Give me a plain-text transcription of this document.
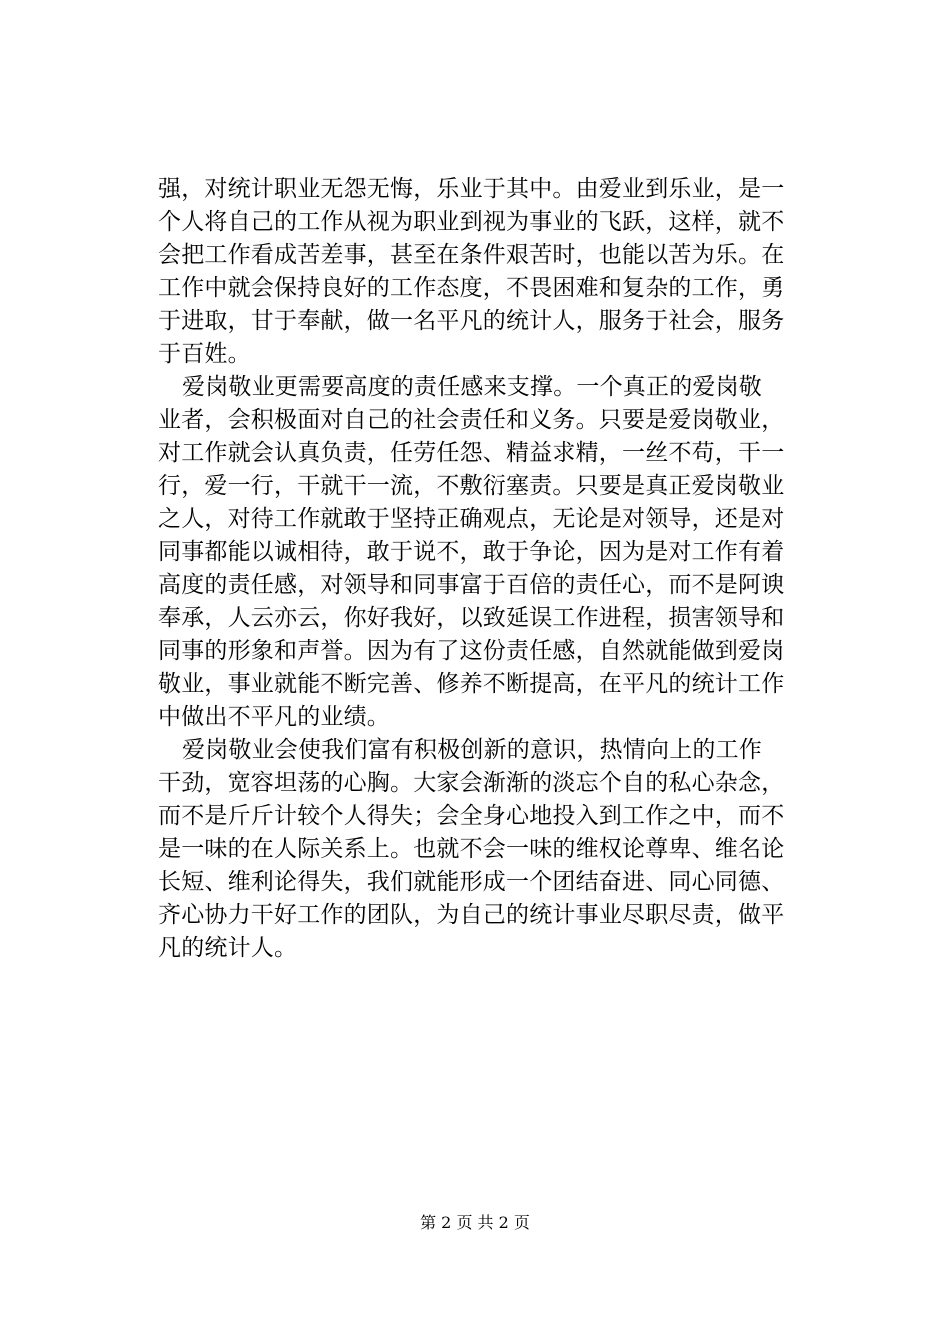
强，对统计职业无怨无悔，乐业于其中。由爱业到乐业，是一
个人将自己的工作从视为职业到视为事业的飞跃，这样，就不
会把工作看成苦差事，甚至在条件艰苦时，也能以苦为乐。在
工作中就会保持良好的工作态度，不畏困难和复杂的工作，勇
于进取，甘于奉献，做一名平凡的统计人，服务于社会，服务
于百姓。
爱岗敬业更需要高度的责任感来支撑。一个真正的爱岗敬
业者，会积极面对自己的社会责任和义务。只要是爱岗敬业，
对工作就会认真负责，任劳任怨、精益求精，一丝不苟，干一
行，爱一行，干就干一流，不敷衍塞责。只要是真正爱岗敬业
之人，对待工作就敢于坚持正确观点，无论是对领导，还是对
同事都能以诚相待，敢于说不，敢于争论，因为是对工作有着
高度的责任感，对领导和同事富于百倍的责任心，而不是阿谀
奉承，人云亦云，你好我好，以致延误工作进程，损害领导和
同事的形象和声誉。因为有了这份责任感，自然就能做到爱岗
敬业，事业就能不断完善、修养不断提高，在平凡的统计工作
中做出不平凡的业绩。
爱岗敬业会使我们富有积极创新的意识，热情向上的工作
干劲，宽容坦荡的心胸。大家会渐渐的淡忘个自的私心杂念，
而不是斤斤计较个人得失；会全身心地投入到工作之中，而不
是一味的在人际关系上。也就不会一味的维权论尊卑、维名论
长短、维利论得失，我们就能形成一个团结奋进、同心同德、
齐心协力干好工作的团队，为自己的统计事业尽职尽责，做平
凡的统计人。
第 2 页 共 2 页
